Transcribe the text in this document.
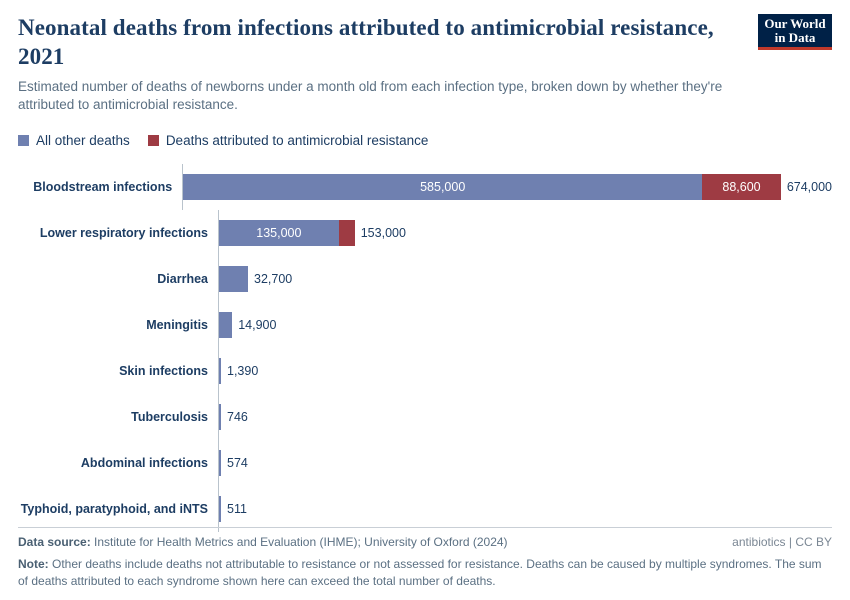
Neonatal deaths from infections attributed to antimicrobial resistance, 2021

Estimated number of deaths of newborns under a month old from each infection type, broken down by whether they're attributed to antimicrobial resistance.

Our World
in Data
All other deaths	Deaths attributed to antimicrobial resistance
Bloodstream infections	585,000	88,600	674,000
Lower respiratory infections	135,000	153,000
Diarrhea	32,700
Meningitis	14,900
Skin infections	1,390
Tuberculosis	746
Abdominal infections	574
Typhoid, paratyphoid, and iNTS	511
Data source: Institute for Health Metrics and Evaluation (IHME); University of Oxford (2024)	antibiotics | CC BY
Note: Other deaths include deaths not attributable to resistance or not assessed for resistance. Deaths can be caused by multiple syndromes. The sum of deaths attributed to each syndrome shown here can exceed the total number of deaths.
